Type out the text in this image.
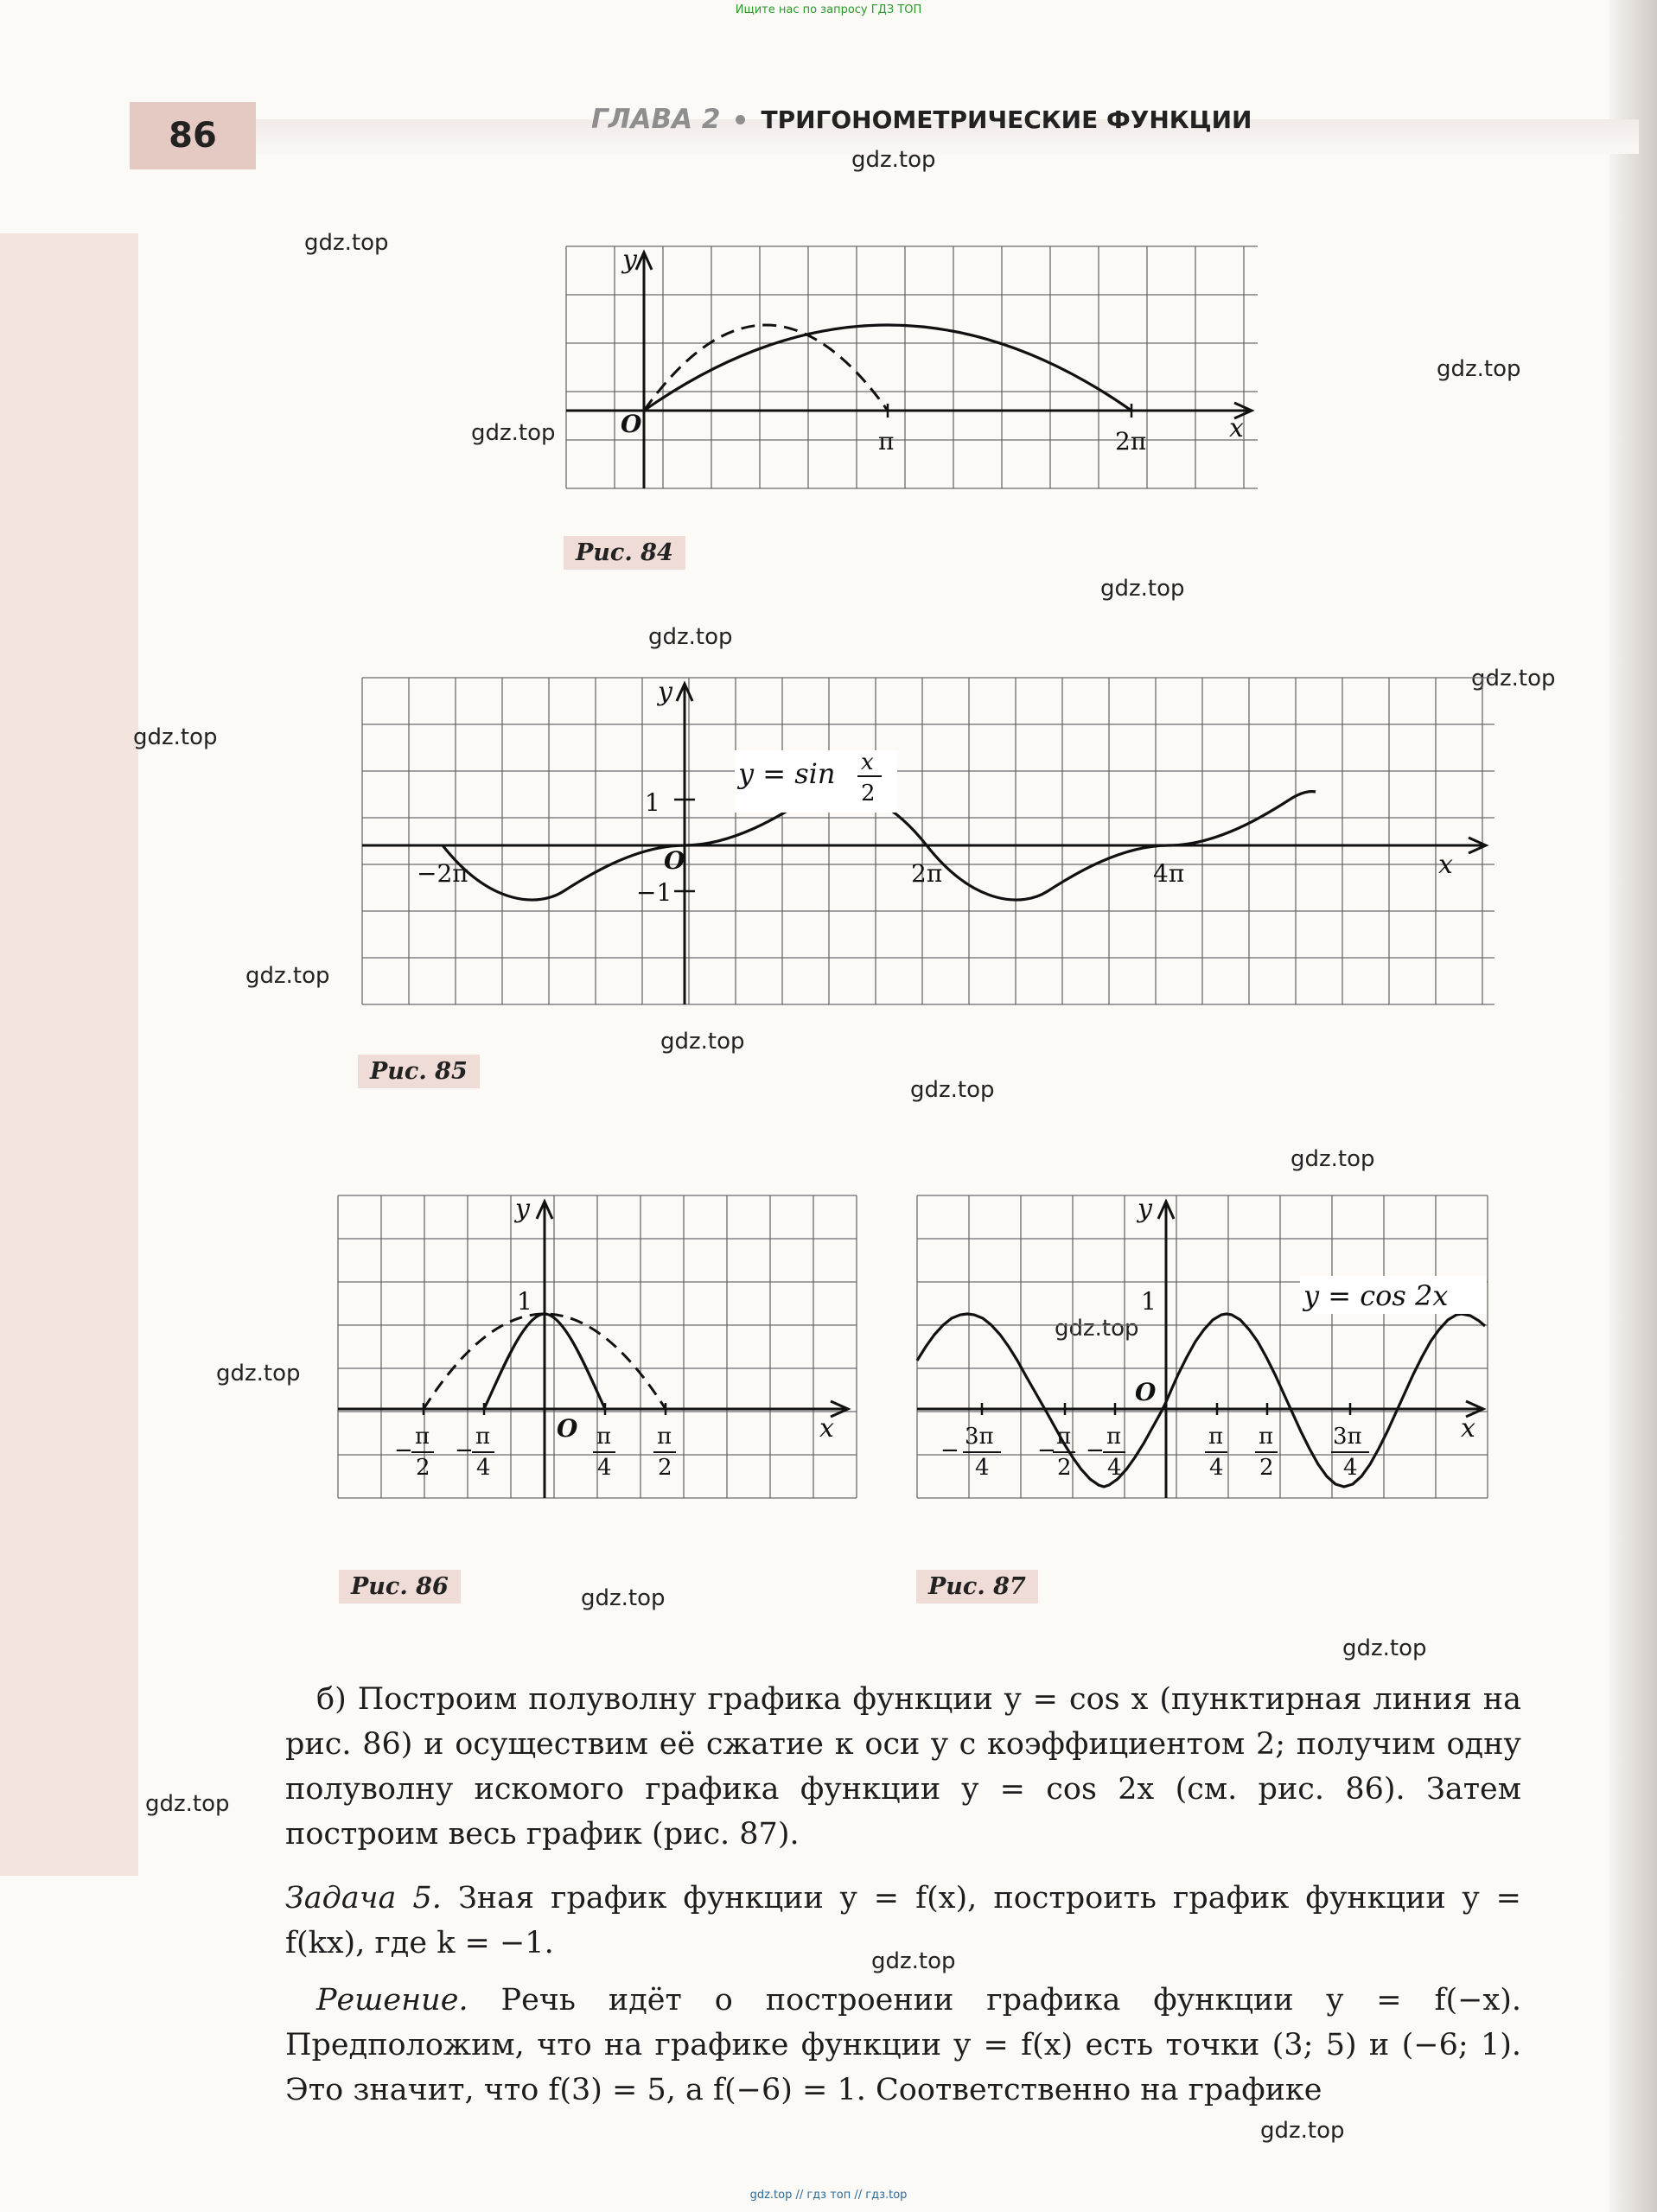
Ищите нас по запросу ГДЗ ТОП
86	ГЛАВА 2 ТРИГОНОМЕТРИЧЕСКИЕ ФУНКЦИИ
gdz.top
gdz.top
gdz.top
gdz.top
gdz.top
gdz.top
gdz.top
gdz.top
gdz.top
gdz.top
gdz.top
gdz.top
gdz.top
gdz.top
gdz.top
gdz.top
gdz.top
gdz.top
gdz.top
O
y
x
π	2π
Рис. 84
O
y
x
1
−1
−2π	2π	4π
y = sin x
2
Рис. 85
1
O
y
x
−
π
2
−
π
4
π
4
π
2
Рис. 86
1
O
y
x
y = cos 2x
−
3π
4
−
π
2
−
π
4
π
4
π
2
3π
4
Рис. 87

б) Построим полуволну графика функции y = cos x (пунктирная линия на рис. 86) и осуществим её сжатие к оси y с коэффициентом 2; получим одну полуволну искомого графика функции y = cos 2x (см. рис. 86). Затем построим весь график (рис. 87).

Задача 5. Зная график функции y = f(x), построить график функции y = f(kx), где k = −1.

Решение. Речь идёт о построении графика функции y = f(−x). Предположим, что на графике функции y = f(x) есть точки (3; 5) и (−6; 1). Это значит, что f(3) = 5, а f(−6) = 1. Соответственно на графике

gdz.top // гдз топ // гдз.top
